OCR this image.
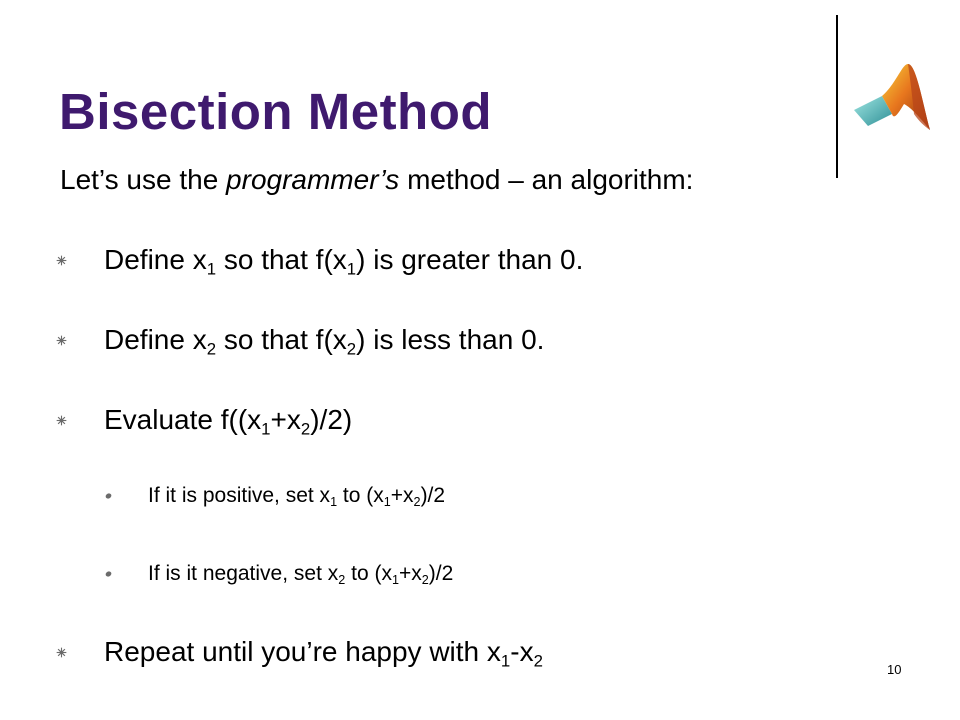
Bisection Method

Let’s use the programmer’s method – an algorithm:

Define $x_1$ so that $f(x_1)$ is greater than 0.
Define $x_2$ so that $f(x_2)$ is less than 0.
Evaluate $f((x_1+x_2)/2)$
If it is positive, set $x_1$ to $(x_1+x_2)/2$
If is it negative, set $x_2$ to $(x_1+x_2)/2$
Repeat until you’re happy with $x_1-x_2$	10
